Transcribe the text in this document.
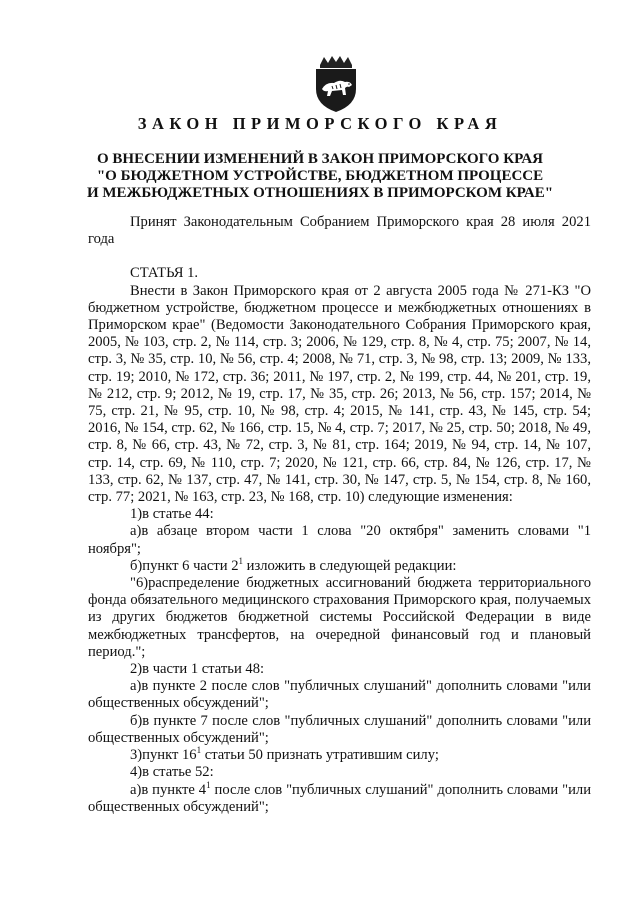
ЗАКОН ПРИМОРСКОГО КРАЯ
О ВНЕСЕНИИ ИЗМЕНЕНИЙ В ЗАКОН ПРИМОРСКОГО КРАЯ
"О БЮДЖЕТНОМ УСТРОЙСТВЕ, БЮДЖЕТНОМ ПРОЦЕССЕ
И МЕЖБЮДЖЕТНЫХ ОТНОШЕНИЯХ В ПРИМОРСКОМ КРАЕ"

Принят Законодательным Собранием Приморского края 28 июля 2021 года

СТАТЬЯ 1.

Внести в Закон Приморского края от 2 августа 2005 года № 271-КЗ "О бюджетном устройстве, бюджетном процессе и межбюджетных отношениях в Приморском крае" (Ведомости Законодательного Собрания Приморского края, 2005, № 103, стр. 2, № 114, стр. 3; 2006, № 129, стр. 8, № 4, стр. 75; 2007, № 14, стр. 3, № 35, стр. 10, № 56, стр. 4; 2008, № 71, стр. 3, № 98, стр. 13; 2009, № 133, стр. 19; 2010, № 172, стр. 36; 2011, № 197, стр. 2, № 199, стр. 44, № 201, стр. 19, № 212, стр. 9; 2012, № 19, стр. 17, № 35, стр. 26; 2013, № 56, стр. 157; 2014, № 75, стр. 21, № 95, стр. 10, № 98, стр. 4; 2015, № 141, стр. 43, № 145, стр. 54; 2016, № 154, стр. 62, № 166, стр. 15, № 4, стр. 7; 2017, № 25, стр. 50; 2018, № 49, стр. 8, № 66, стр. 43, № 72, стр. 3, № 81, стр. 164; 2019, № 94, стр. 14, № 107, стр. 14, стр. 69, № 110, стр. 7; 2020, № 121, стр. 66, стр. 84, № 126, стр. 17, № 133, стр. 62, № 137, стр. 47, № 141, стр. 30, № 147, стр. 5, № 154, стр. 8, № 160, стр. 77; 2021, № 163, стр. 23, № 168, стр. 10) следующие изменения:

1)в статье 44:

а)в абзаце втором части 1 слова "20 октября" заменить словами "1 ноября";

б)пункт 6 части $2^1$ изложить в следующей редакции:

"6)распределение бюджетных ассигнований бюджета территориального фонда обязательного медицинского страхования Приморского края, получаемых из других бюджетов бюджетной системы Российской Федерации в виде межбюджетных трансфертов, на очередной финансовый год и плановый период.";

2)в части 1 статьи 48:

а)в пункте 2 после слов "публичных слушаний" дополнить словами "или общественных обсуждений";

б)в пункте 7 после слов "публичных слушаний" дополнить словами "или общественных обсуждений";

3)пункт $16^1$ статьи 50 признать утратившим силу;

4)в статье 52:

а)в пункте $4^1$ после слов "публичных слушаний" дополнить словами "или общественных обсуждений";
